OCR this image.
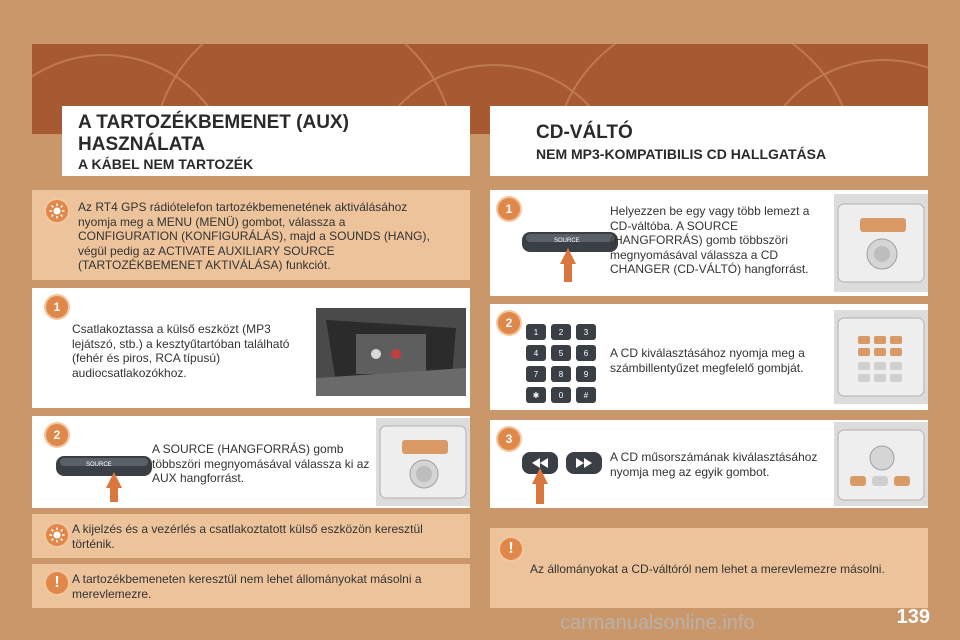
A TARTOZÉKBEMENET (AUX)
HASZNÁLATA
A KÁBEL NEM TARTOZÉK
Az RT4 GPS rádiótelefon tartozékbemenetének aktiválásához nyomja meg a MENU (MENÜ) gombot, válassza a CONFIGURATION (KONFIGURÁLÁS), majd a SOUNDS (HANG), végül pedig az ACTIVATE AUXILIARY SOURCE (TARTOZÉKBEMENET AKTIVÁLÁSA) funkciót.
1
Csatlakoztassa a külső eszközt (MP3 lejátszó, stb.) a kesztyűtartóban található (fehér és piros, RCA típusú) audiocsatlakozókhoz.
2
SOURCE
A SOURCE (HANGFORRÁS) gomb többszöri megnyomásával válassza ki az AUX hangforrást.
A kijelzés és a vezérlés a csatlakoztatott külső eszközön keresztül történik.
!	A tartozékbemeneten keresztül nem lehet állományokat másolni a merevlemezre.
CD-VÁLTÓ
NEM MP3-KOMPATIBILIS CD HALLGATÁSA
1
SOURCE
Helyezzen be egy vagy több lemezt a CD-váltóba. A SOURCE (HANGFORRÁS) gomb többszöri megnyomásával válassza a CD CHANGER (CD-VÁLTÓ) hangforrást.
2
1	2	3
4	5	6
7	8	9
✱	0	#
A CD kiválasztásához nyomja meg a számbillentyűzet megfelelő gombját.
3
A CD műsorszámának kiválasztásához nyomja meg az egyik gombot.
!
Az állományokat a CD-váltóról nem lehet a merevlemezre másolni.
139
carmanualsonline.info
